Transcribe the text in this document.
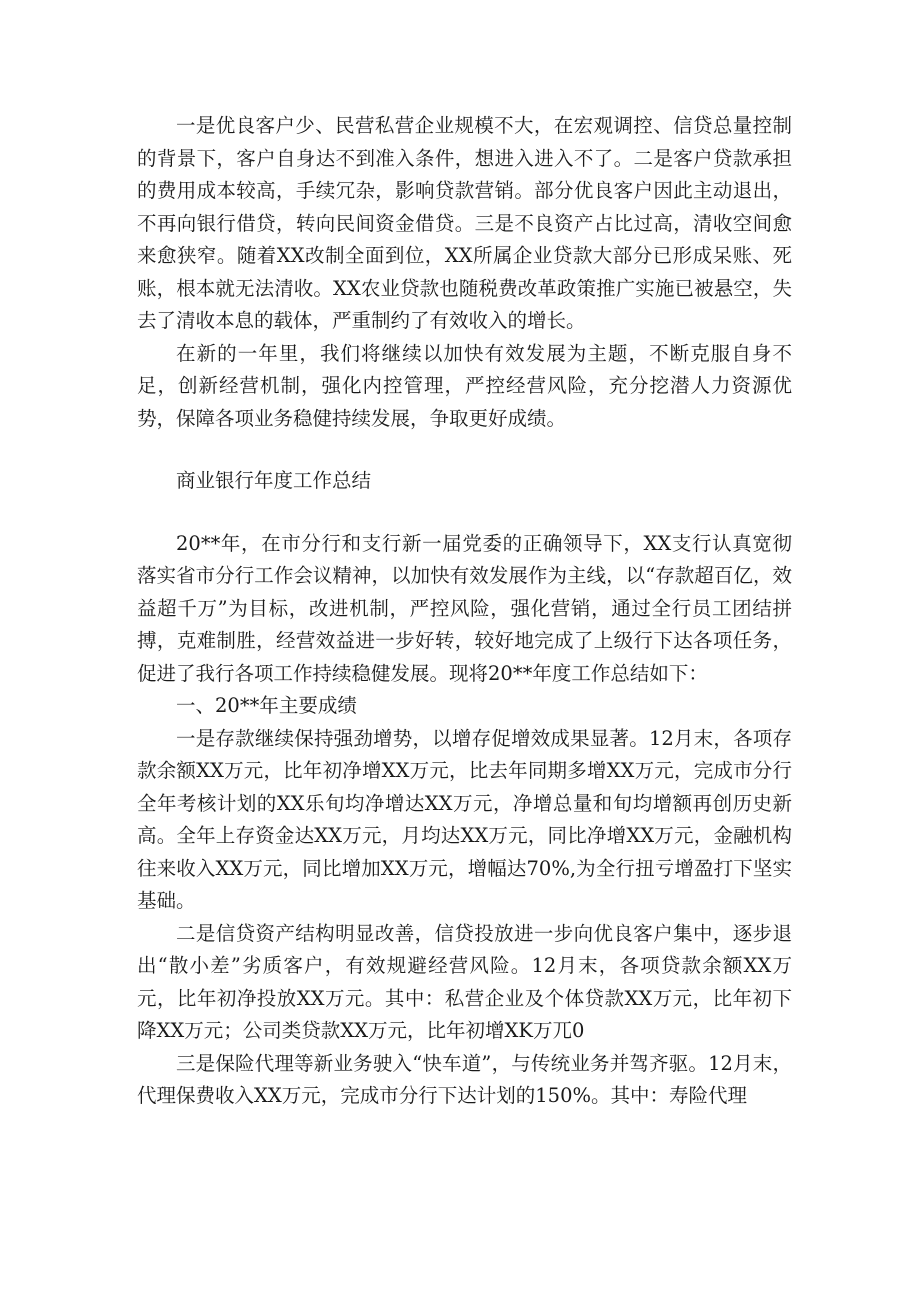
一是优良客户少、民营私营企业规模不大，在宏观调控、信贷总量控制的背景下，客户自身达不到准入条件，想进入进入不了。二是客户贷款承担的费用成本较高，手续冗杂，影响贷款营销。部分优良客户因此主动退出，不再向银行借贷，转向民间资金借贷。三是不良资产占比过高，清收空间愈来愈狭窄。随着XX改制全面到位，XX所属企业贷款大部分已形成呆账、死账，根本就无法清收。XX农业贷款也随税费改革政策推广实施已被悬空，失去了清收本息的载体，严重制约了有效收入的增长。

在新的一年里，我们将继续以加快有效发展为主题，不断克服自身不足，创新经营机制，强化内控管理，严控经营风险，充分挖潜人力资源优势，保障各项业务稳健持续发展，争取更好成绩。

商业银行年度工作总结

20**年，在市分行和支行新一届党委的正确领导下，XX支行认真宽彻落实省市分行工作会议精神，以加快有效发展作为主线，以“存款超百亿，效益超千万”为目标，改进机制，严控风险，强化营销，通过全行员工团结拼搏，克难制胜，经营效益进一步好转，较好地完成了上级行下达各项任务，促进了我行各项工作持续稳健发展。现将20**年度工作总结如下：

一、20**年主要成绩

一是存款继续保持强劲增势，以增存促增效成果显著。12月末，各项存款余额XX万元，比年初净增XX万元，比去年同期多增XX万元，完成市分行全年考核计划的XX乐旬均净增达XX万元，净增总量和旬均增额再创历史新高。全年上存资金达XX万元，月均达XX万元，同比净增XX万元，金融机构往来收入XX万元，同比增加XX万元，增幅达70%,为全行扭亏增盈打下坚实基础。

二是信贷资产结构明显改善，信贷投放进一步向优良客户集中，逐步退出“散小差”劣质客户，有效规避经营风险。12月末，各项贷款余额XX万元，比年初净投放XX万元。其中：私营企业及个体贷款XX万元，比年初下降XX万元；公司类贷款XX万元，比年初增XK万兀0

三是保险代理等新业务驶入“快车道”，与传统业务并驾齐驱。12月末，代理保费收入XX万元，完成市分行下达计划的150%。其中：寿险代理
